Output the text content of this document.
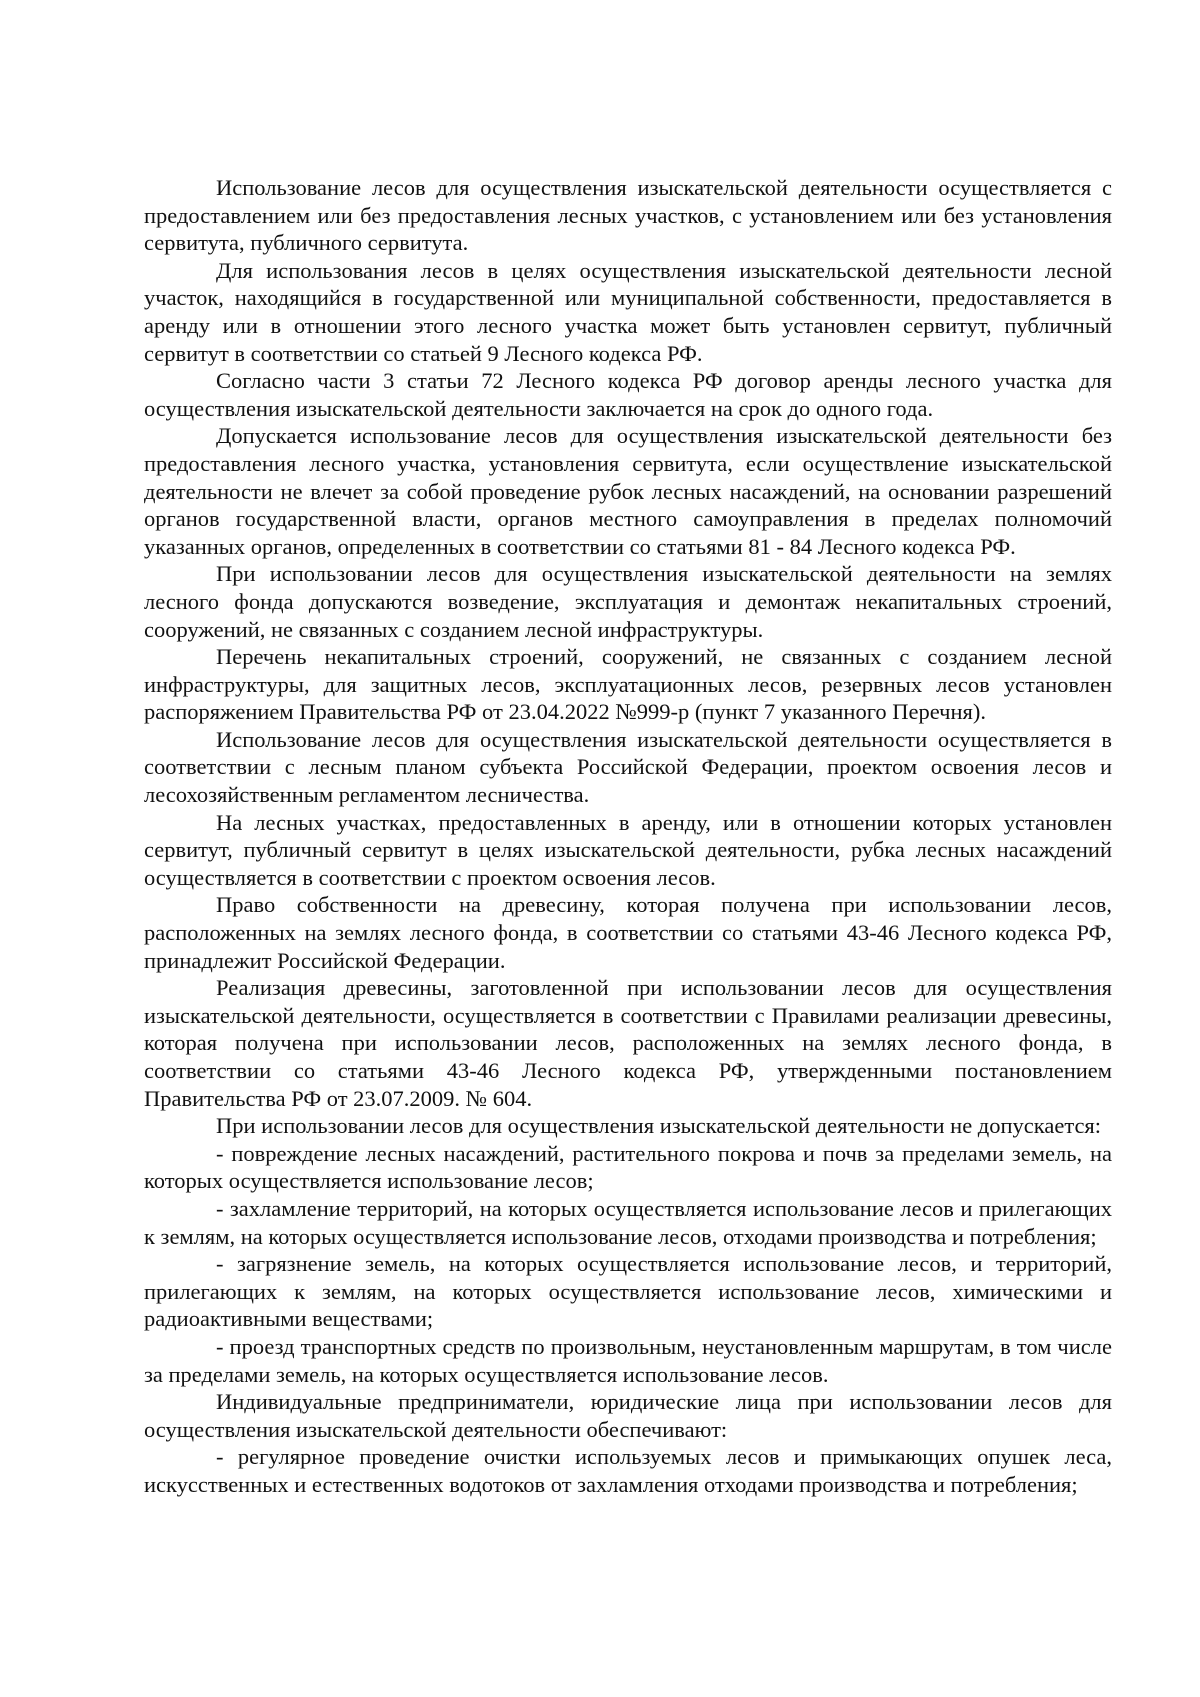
Использование лесов для осуществления изыскательской деятельности осуществляется с предоставлением или без предоставления лесных участков, с установлением или без установления сервитута, публичного сервитута.

Для использования лесов в целях осуществления изыскательской деятельности лесной участок, находящийся в государственной или муниципальной собственности, предоставляется в аренду или в отношении этого лесного участка может быть установлен сервитут, публичный сервитут в соответствии со статьей 9 Лесного кодекса РФ.

Согласно части 3 статьи 72 Лесного кодекса РФ договор аренды лесного участка для осуществления изыскательской деятельности заключается на срок до одного года.

Допускается использование лесов для осуществления изыскательской деятельности без предоставления лесного участка, установления сервитута, если осуществление изыскательской деятельности не влечет за собой проведение рубок лесных насаждений, на основании разрешений органов государственной власти, органов местного самоуправления в пределах полномочий указанных органов, определенных в соответствии со статьями 81 - 84 Лесного кодекса РФ.

При использовании лесов для осуществления изыскательской деятельности на землях лесного фонда допускаются возведение, эксплуатация и демонтаж некапитальных строений, сооружений, не связанных с созданием лесной инфраструктуры.

Перечень некапитальных строений, сооружений, не связанных с созданием лесной инфраструктуры, для защитных лесов, эксплуатационных лесов, резервных лесов установлен распоряжением Правительства РФ от 23.04.2022 №999-р (пункт 7 указанного Перечня).

Использование лесов для осуществления изыскательской деятельности осуществляется в соответствии с лесным планом субъекта Российской Федерации, проектом освоения лесов и лесохозяйственным регламентом лесничества.

На лесных участках, предоставленных в аренду, или в отношении которых установлен сервитут, публичный сервитут в целях изыскательской деятельности, рубка лесных насаждений осуществляется в соответствии с проектом освоения лесов.

Право собственности на древесину, которая получена при использовании лесов, расположенных на землях лесного фонда, в соответствии со статьями 43-46 Лесного кодекса РФ, принадлежит Российской Федерации.

Реализация древесины, заготовленной при использовании лесов для осуществления изыскательской деятельности, осуществляется в соответствии с Правилами реализации древесины, которая получена при использовании лесов, расположенных на землях лесного фонда, в соответствии со статьями 43-46 Лесного кодекса РФ, утвержденными постановлением Правительства РФ от 23.07.2009. № 604.

При использовании лесов для осуществления изыскательской деятельности не допускается:

- повреждение лесных насаждений, растительного покрова и почв за пределами земель, на которых осуществляется использование лесов;

- захламление территорий, на которых осуществляется использование лесов и прилегающих к землям, на которых осуществляется использование лесов, отходами производства и потребления;

- загрязнение земель, на которых осуществляется использование лесов, и территорий, прилегающих к землям, на которых осуществляется использование лесов, химическими и радиоактивными веществами;

- проезд транспортных средств по произвольным, неустановленным маршрутам, в том числе за пределами земель, на которых осуществляется использование лесов.

Индивидуальные предприниматели, юридические лица при использовании лесов для осуществления изыскательской деятельности обеспечивают:

- регулярное проведение очистки используемых лесов и примыкающих опушек леса, искусственных и естественных водотоков от захламления отходами производства и потребления;
